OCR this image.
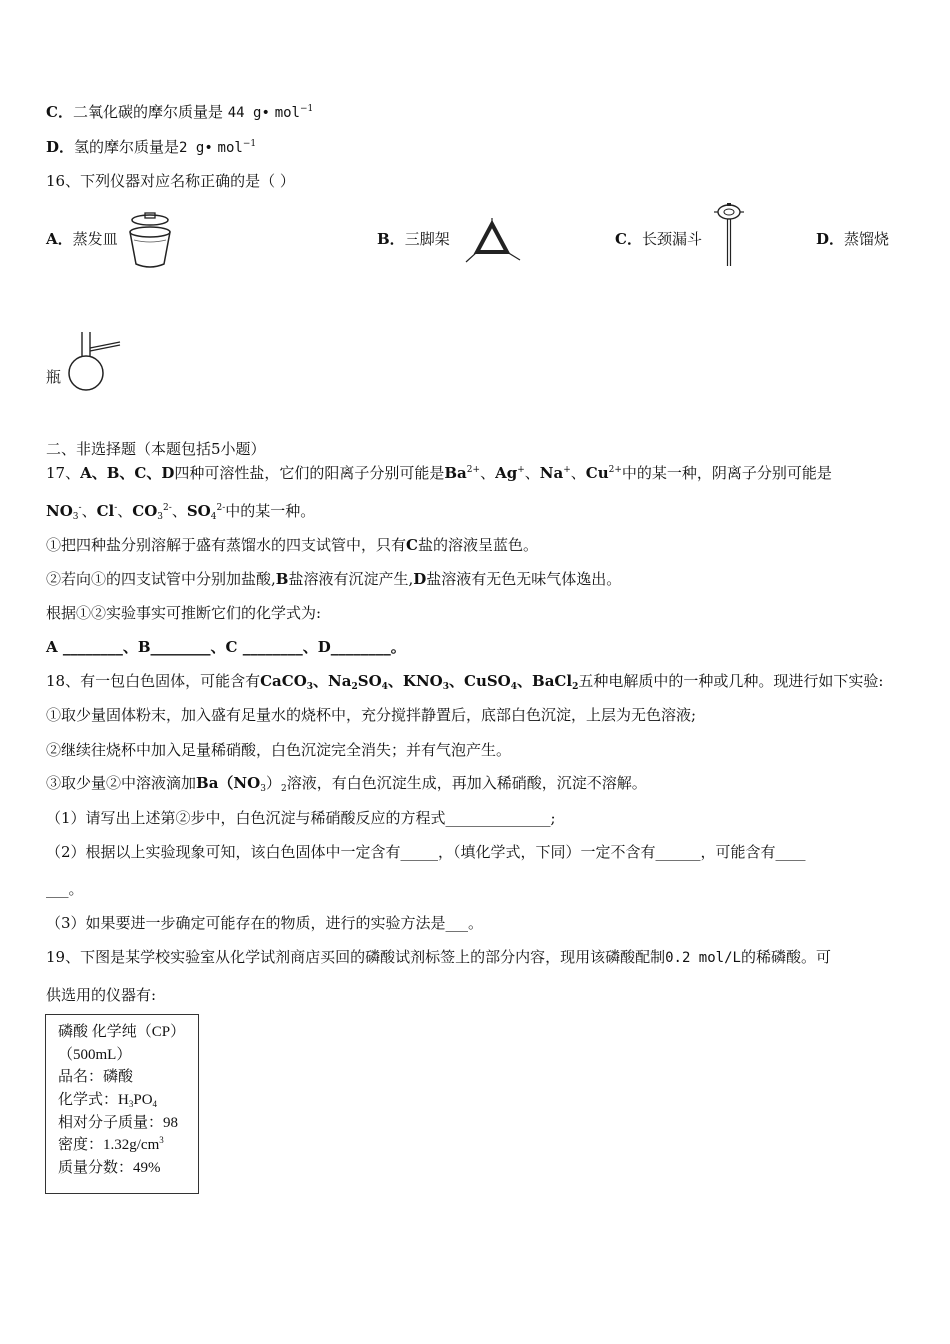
C．二氧化碳的摩尔质量是 44 g• mol$^{-1}$
D．氢的摩尔质量是2 g• mol$^{-1}$
16、下列仪器对应名称正确的是（ ）
A．蒸发皿	B．三脚架	C．长颈漏斗	D．蒸馏烧
瓶
二、非选择题（本题包括5小题）
17、A、B、C、D四种可溶性盐，它们的阳离子分别可能是$Ba^{2+}$、Ag+、Na+、$Cu^{2+}$中的某一种，阴离子分别可能是
$NO_3^-$、Cl-、$CO_3^{2-}$、$SO_4^{2-}$中的某一种。
①把四种盐分别溶解于盛有蒸馏水的四支试管中，只有C盐的溶液呈蓝色。
②若向①的四支试管中分别加盐酸,B盐溶液有沉淀产生,D盐溶液有无色无味气体逸出。
根据①②实验事实可推断它们的化学式为:
A ________、B________、C ________、D________。
18、有一包白色固体，可能含有CaCO$_3$、$Na_2SO_4$、$KNO_3$、CuSO$_4$、BaCl$_2$五种电解质中的一种或几种。现进行如下实验:
①取少量固体粉末，加入盛有足量水的烧杯中，充分搅拌静置后，底部白色沉淀，上层为无色溶液;
②继续往烧杯中加入足量稀硝酸，白色沉淀完全消失；并有气泡产生。
③取少量②中溶液滴加$Ba(NO_3)_2$溶液，有白色沉淀生成，再加入稀硝酸，沉淀不溶解。
（1）请写出上述第②步中，白色沉淀与稀硝酸反应的方程式______________;
（2）根据以上实验现象可知，该白色固体中一定含有_____，（填化学式，下同）一定不含有______，可能含有____
___。
（3）如果要进一步确定可能存在的物质，进行的实验方法是___。
19、下图是某学校实验室从化学试剂商店买回的磷酸试剂标签上的部分内容，现用该磷酸配制0.2 mol/L的稀磷酸。可
供选用的仪器有:
磷酸 化学纯（CP）
（500mL）
品名：磷酸
化学式：$H_3PO_4$
相对分子质量：98
密度：$1.32g/cm^3$
质量分数：49%
